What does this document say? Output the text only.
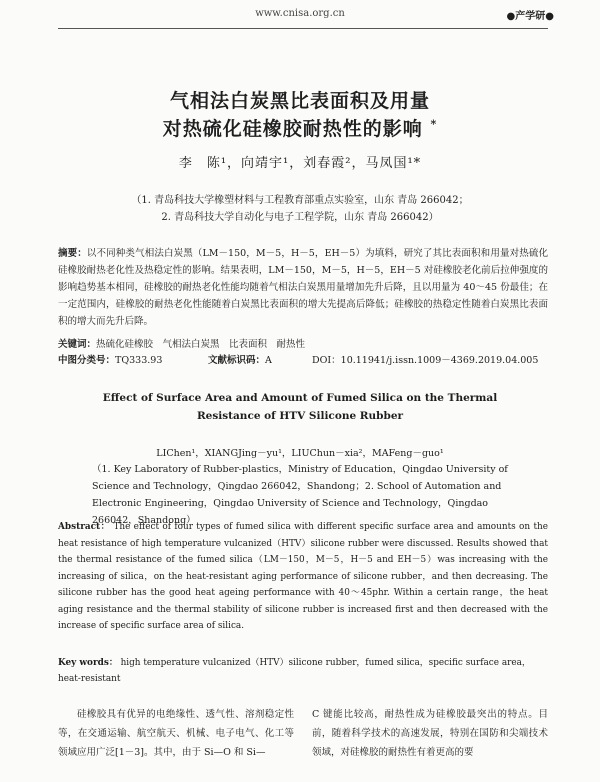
www.cnisa.org.cn	●产学研●
气相法白炭黑比表面积及用量
对热硫化硅橡胶耐热性的影响 *
李　陈¹，向靖宇¹，刘春霞²，马凤国¹*
（1. 青岛科技大学橡塑材料与工程教育部重点实验室，山东 青岛 266042；
2. 青岛科技大学自动化与电子工程学院，山东 青岛 266042）
摘要：以不同种类气相法白炭黑（LM－150，M－5，H－5，EH－5）为填料，研究了其比表面积和用量对热硫化硅橡胶耐热老化性及热稳定性的影响。结果表明，LM－150，M－5，H－5，EH－5 对硅橡胶老化前后拉伸强度的影响趋势基本相同，硅橡胶的耐热老化性能均随着气相法白炭黑用量增加先升后降，且以用量为 40～45 份最佳；在一定范围内，硅橡胶的耐热老化性能随着白炭黑比表面积的增大先提高后降低；硅橡胶的热稳定性随着白炭黑比表面积的增大而先升后降。
关键词：热硫化硅橡胶　气相法白炭黑　比表面积　耐热性
中图分类号：TQ333.93	文献标识码：A	DOI：10.11941/j.issn.1009－4369.2019.04.005
Effect of Surface Area and Amount of Fumed Silica on the Thermal
Resistance of HTV Silicone Rubber
LIChen¹，XIANGJing－yu¹，LIUChun－xia²，MAFeng－guo¹
（1. Key Laboratory of Rubber-plastics，Ministry of Education，Qingdao University of Science and Technology，Qingdao 266042，Shandong；2. School of Automation and Electronic Engineering，Qingdao University of Science and Technology，Qingdao 266042，Shandong）
Abstract： The effect of four types of fumed silica with different specific surface area and amounts on the heat resistance of high temperature vulcanized（HTV）silicone rubber were discussed. Results showed that the thermal resistance of the fumed silica（LM－150，M－5，H－5 and EH－5）was increasing with the increasing of silica，on the heat-resistant aging performance of silicone rubber，and then decreasing. The silicone rubber has the good heat ageing performance with 40～45phr. Within a certain range，the heat aging resistance and the thermal stability of silicone rubber is increased first and then decreased with the increase of specific surface area of silica.
Key words： high temperature vulcanized（HTV）silicone rubber，fumed silica，specific surface area，heat-resistant
硅橡胶具有优异的电绝缘性、透气性、溶剂稳定性等，在交通运输、航空航天、机械、电子电气、化工等领域应用广泛[1－3]。其中，由于 Si—O 和 Si—
C 键能比较高，耐热性成为硅橡胶最突出的特点。目前，随着科学技术的高速发展，特别在国防和尖端技术领域，对硅橡胶的耐热性有着更高的要
